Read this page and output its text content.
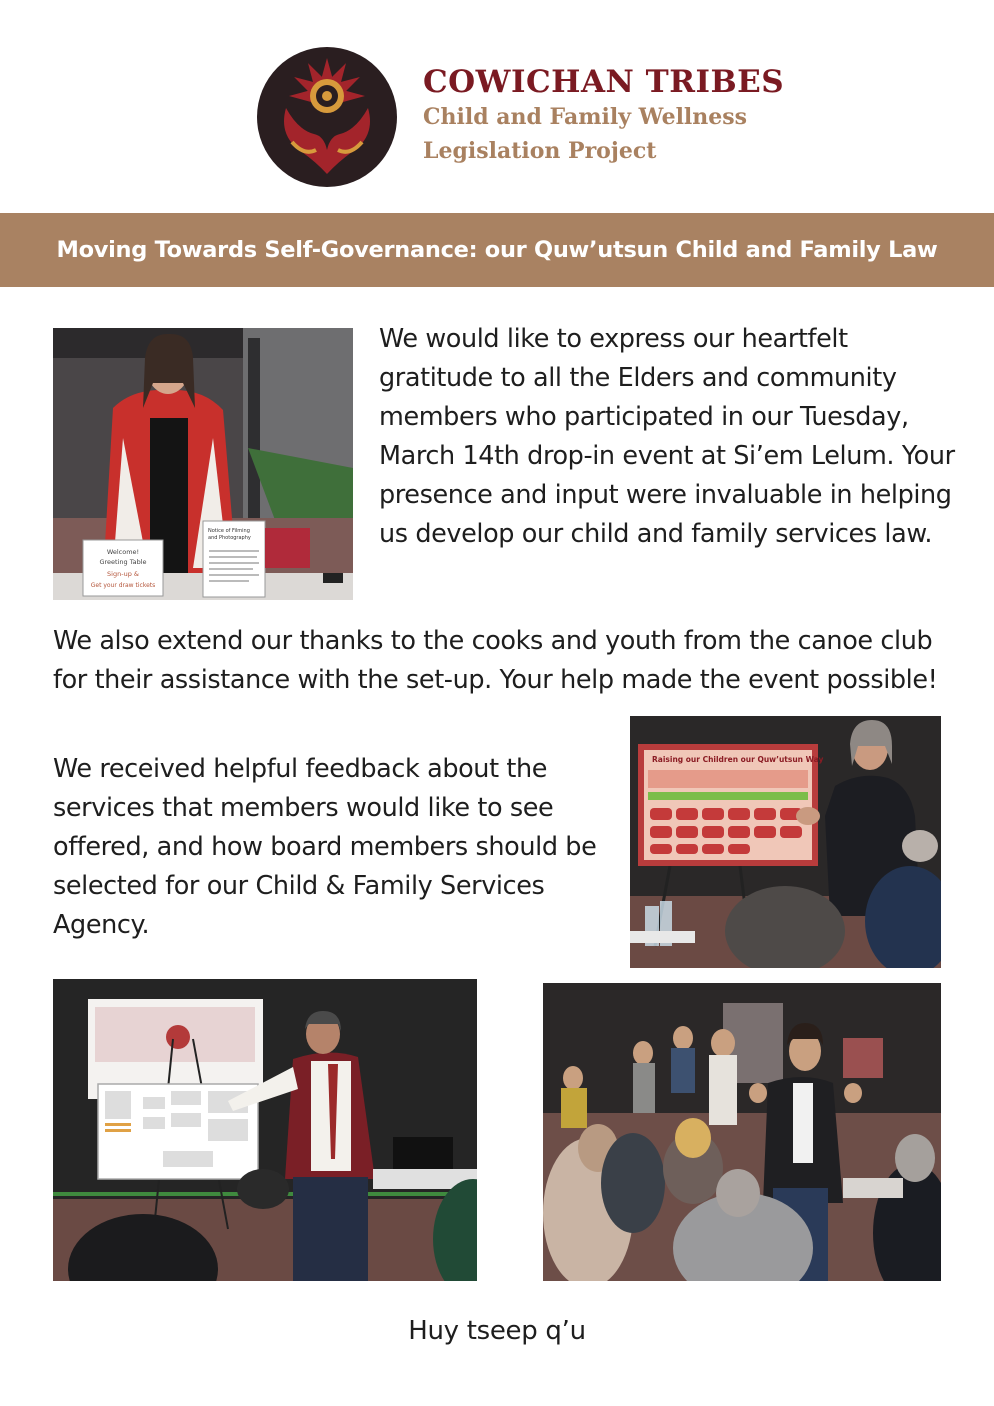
COWICHAN TRIBES
Child and Family Wellness
Legislation Project
Moving Towards Self-Governance: our Quw’utsun Child and Family Law
Welcome!
Greeting Table
Sign-up &
Get your draw tickets
Notice of Filming
and Photography

We would like to express our heartfelt gratitude to all the Elders and community members who participated in our Tuesday, March 14th drop-in event at Si’em Lelum. Your presence and input were invaluable in helping us develop our child and family services law.

We also extend our thanks to the cooks and youth from the canoe club for their assistance with the set-up. Your help made the event possible!

We received helpful feedback about the services that members would like to see offered, and how board members should be selected for our Child & Family Services Agency.

Raising our Children our Quw’utsun Way
Huy tseep q’u
